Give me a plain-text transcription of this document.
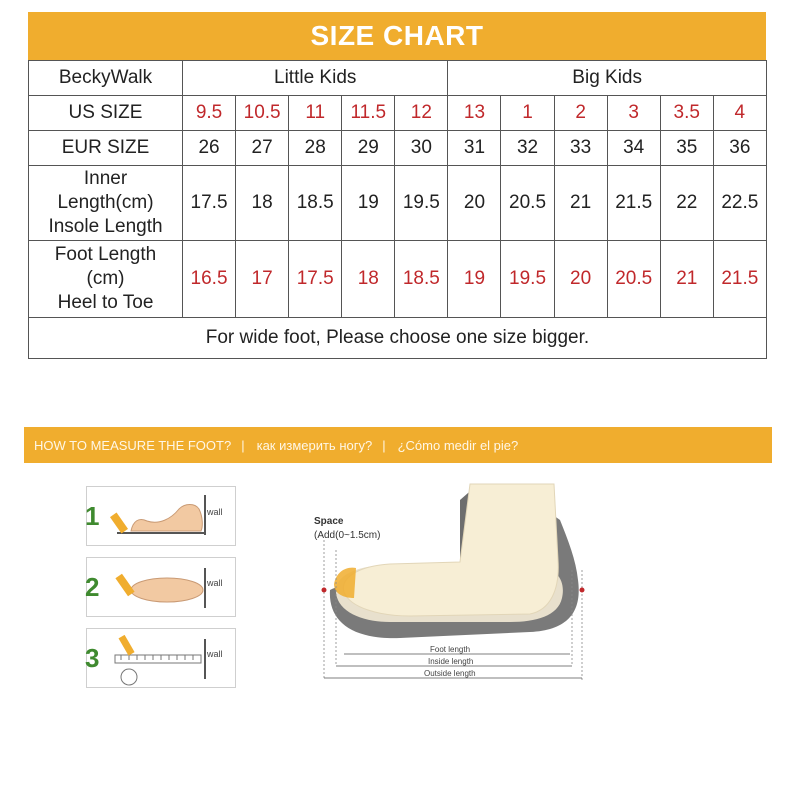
SIZE CHART
BeckyWalk	Little Kids					Big Kids					
US SIZE	9.5	10.5	11	11.5	12	13	1	2	3	3.5	4
EUR SIZE	26	27	28	29	30	31	32	33	34	35	36
Inner
Length(cm)
Insole Length	17.5	18	18.5	19	19.5	20	20.5	21	21.5	22	22.5
Foot Length
(cm)
Heel to Toe	16.5	17	17.5	18	18.5	19	19.5	20	20.5	21	21.5
For wide foot, Please choose one size bigger.											
HOW TO MEASURE THE FOOT? | как измерить ногу? | ¿Cómo medir el pie?
1	wall
2	wall
3	wall
Space
(Add(0~1.5cm)
Foot length
Inside length
Outside length
